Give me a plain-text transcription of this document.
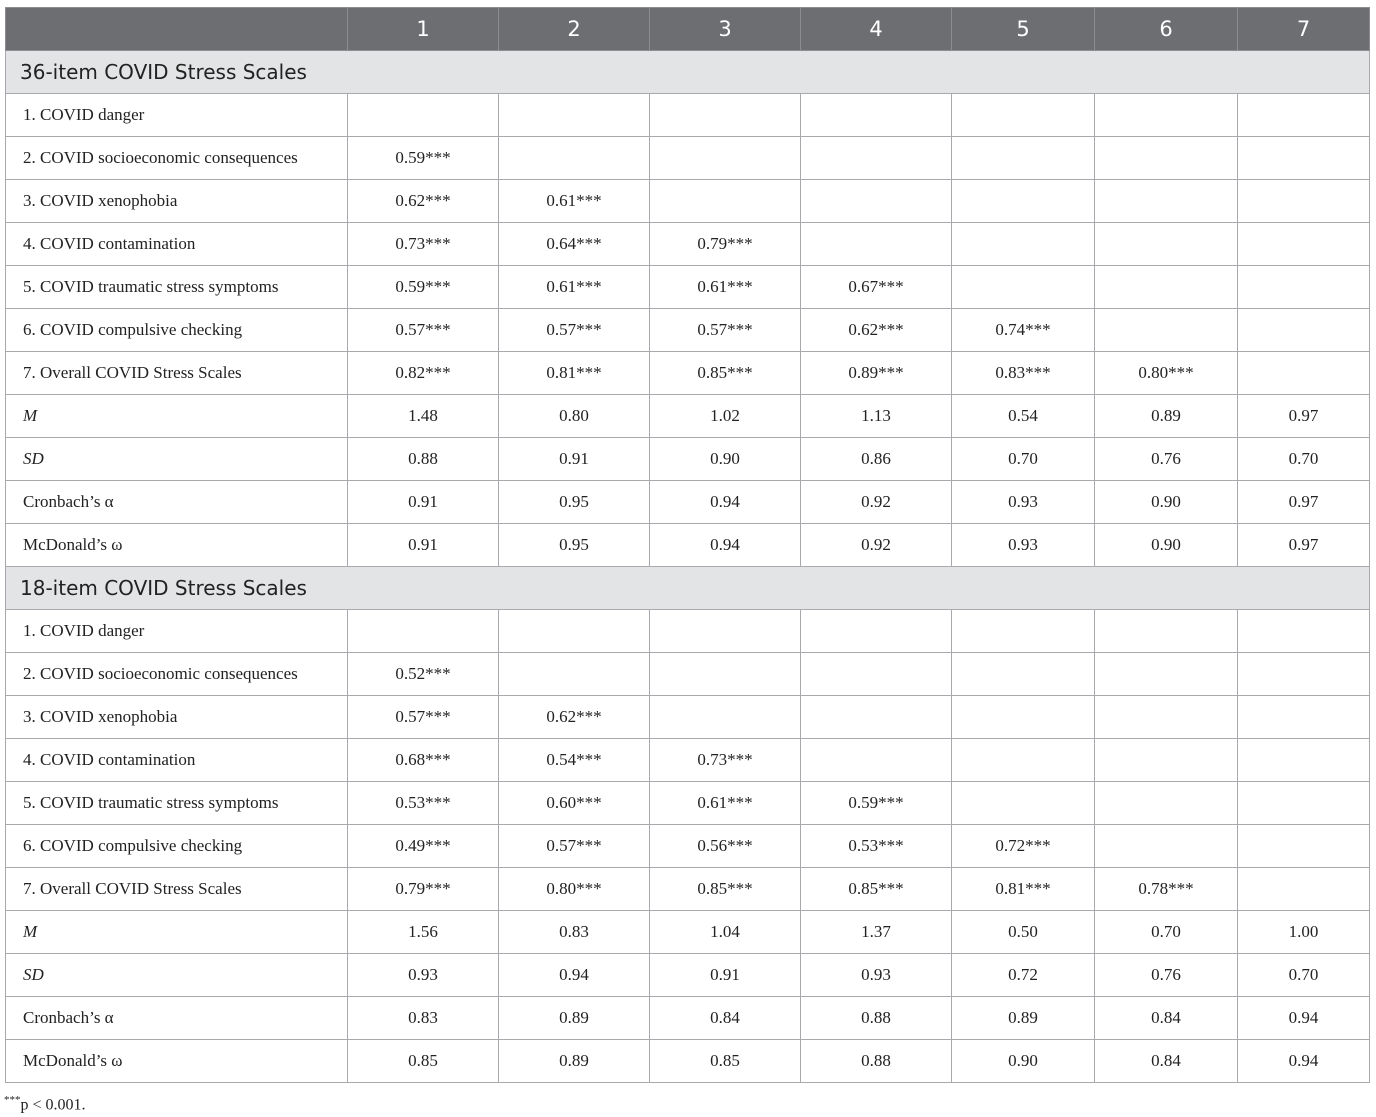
	1	2	3	4	5	6	7
36-item COVID Stress Scales							
1. COVID danger							
2. COVID socioeconomic consequences	0.59***						
3. COVID xenophobia	0.62***	0.61***					
4. COVID contamination	0.73***	0.64***	0.79***				
5. COVID traumatic stress symptoms	0.59***	0.61***	0.61***	0.67***			
6. COVID compulsive checking	0.57***	0.57***	0.57***	0.62***	0.74***		
7. Overall COVID Stress Scales	0.82***	0.81***	0.85***	0.89***	0.83***	0.80***	
M	1.48	0.80	1.02	1.13	0.54	0.89	0.97
SD	0.88	0.91	0.90	0.86	0.70	0.76	0.70
Cronbach’s α	0.91	0.95	0.94	0.92	0.93	0.90	0.97
McDonald’s ω	0.91	0.95	0.94	0.92	0.93	0.90	0.97
18-item COVID Stress Scales							
1. COVID danger							
2. COVID socioeconomic consequences	0.52***						
3. COVID xenophobia	0.57***	0.62***					
4. COVID contamination	0.68***	0.54***	0.73***				
5. COVID traumatic stress symptoms	0.53***	0.60***	0.61***	0.59***			
6. COVID compulsive checking	0.49***	0.57***	0.56***	0.53***	0.72***		
7. Overall COVID Stress Scales	0.79***	0.80***	0.85***	0.85***	0.81***	0.78***	
M	1.56	0.83	1.04	1.37	0.50	0.70	1.00
SD	0.93	0.94	0.91	0.93	0.72	0.76	0.70
Cronbach’s α	0.83	0.89	0.84	0.88	0.89	0.84	0.94
McDonald’s ω	0.85	0.89	0.85	0.88	0.90	0.84	0.94
***p < 0.001.
